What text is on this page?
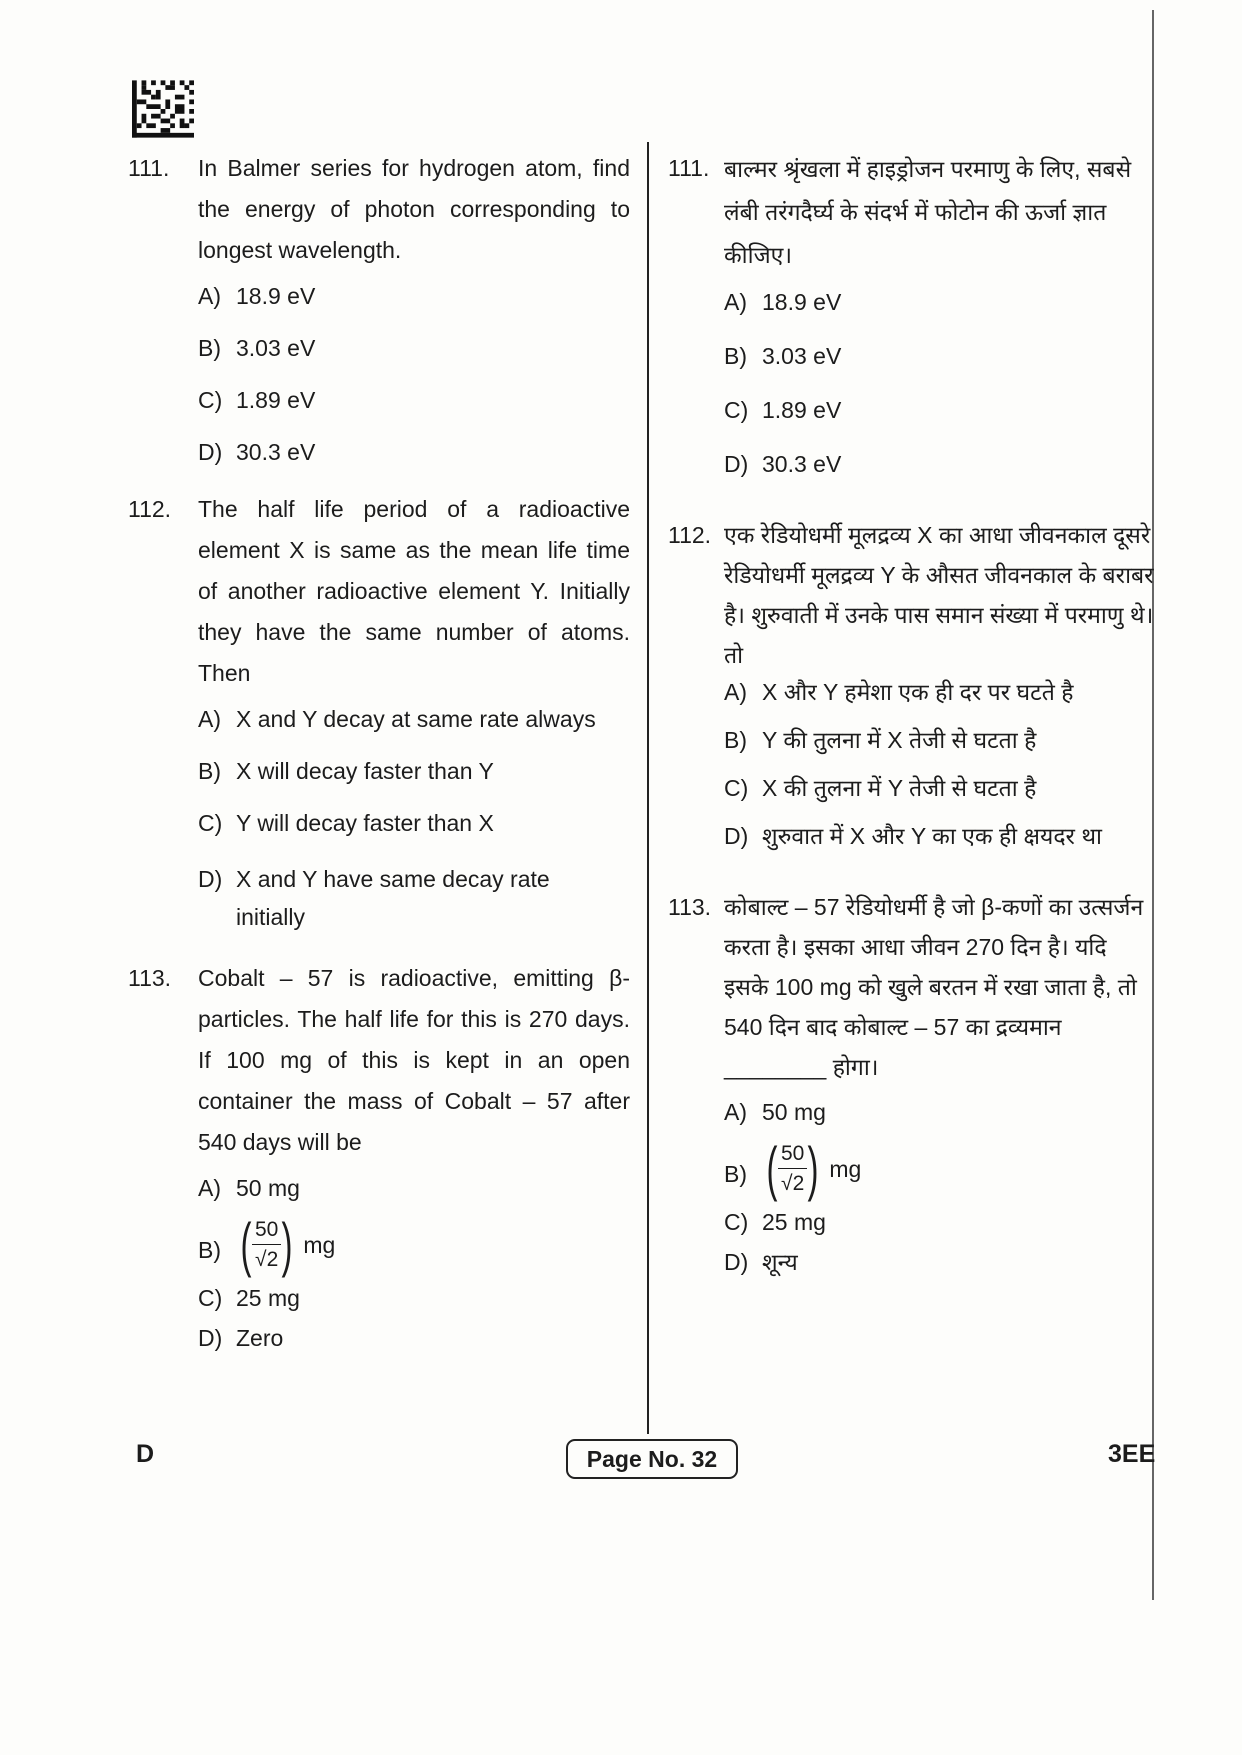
111. In Balmer series for hydrogen atom, find the energy of photon corresponding to longest wavelength.
A) 18.9 eV
B) 3.03 eV
C) 1.89 eV
D) 30.3 eV
112. The half life period of a radioactive element X is same as the mean life time of another radioactive element Y. Initially they have the same number of atoms. Then
A) X and Y decay at same rate always
B) X will decay faster than Y
C) Y will decay faster than X
D) X and Y have same decay rate initially
113. Cobalt – 57 is radioactive, emitting β-particles. The half life for this is 270 days. If 100 mg of this is kept in an open container the mass of Cobalt – 57 after 540 days will be
A) 50 mg
B) ( $\frac{50}{√2}$ ) mg
C) 25 mg
D) Zero
111. बाल्मर श्रृंखला में हाइड्रोजन परमाणु के लिए, सबसे लंबी तरंगदैर्घ्य के संदर्भ में फोटोन की ऊर्जा ज्ञात कीजिए।
A) 18.9 eV
B) 3.03 eV
C) 1.89 eV
D) 30.3 eV
112. एक रेडियोधर्मी मूलद्रव्य X का आधा जीवनकाल दूसरे रेडियोधर्मी मूलद्रव्य Y के औसत जीवनकाल के बराबर है। शुरुवाती में उनके पास समान संख्या में परमाणु थे। तो
A) X और Y हमेशा एक ही दर पर घटते है
B) Y की तुलना में X तेजी से घटता है
C) X की तुलना में Y तेजी से घटता है
D) शुरुवात में X और Y का एक ही क्षयदर था
113. कोबाल्ट – 57 रेडियोधर्मी है जो β-कणों का उत्सर्जन करता है। इसका आधा जीवन 270 दिन है। यदि इसके 100 mg को खुले बरतन में रखा जाता है, तो 540 दिन बाद कोबाल्ट – 57 का द्रव्यमान ________ होगा।
A) 50 mg
B) ( $\frac{50}{√2}$ ) mg
C) 25 mg
D) शून्य
D	Page No. 32	3EE
